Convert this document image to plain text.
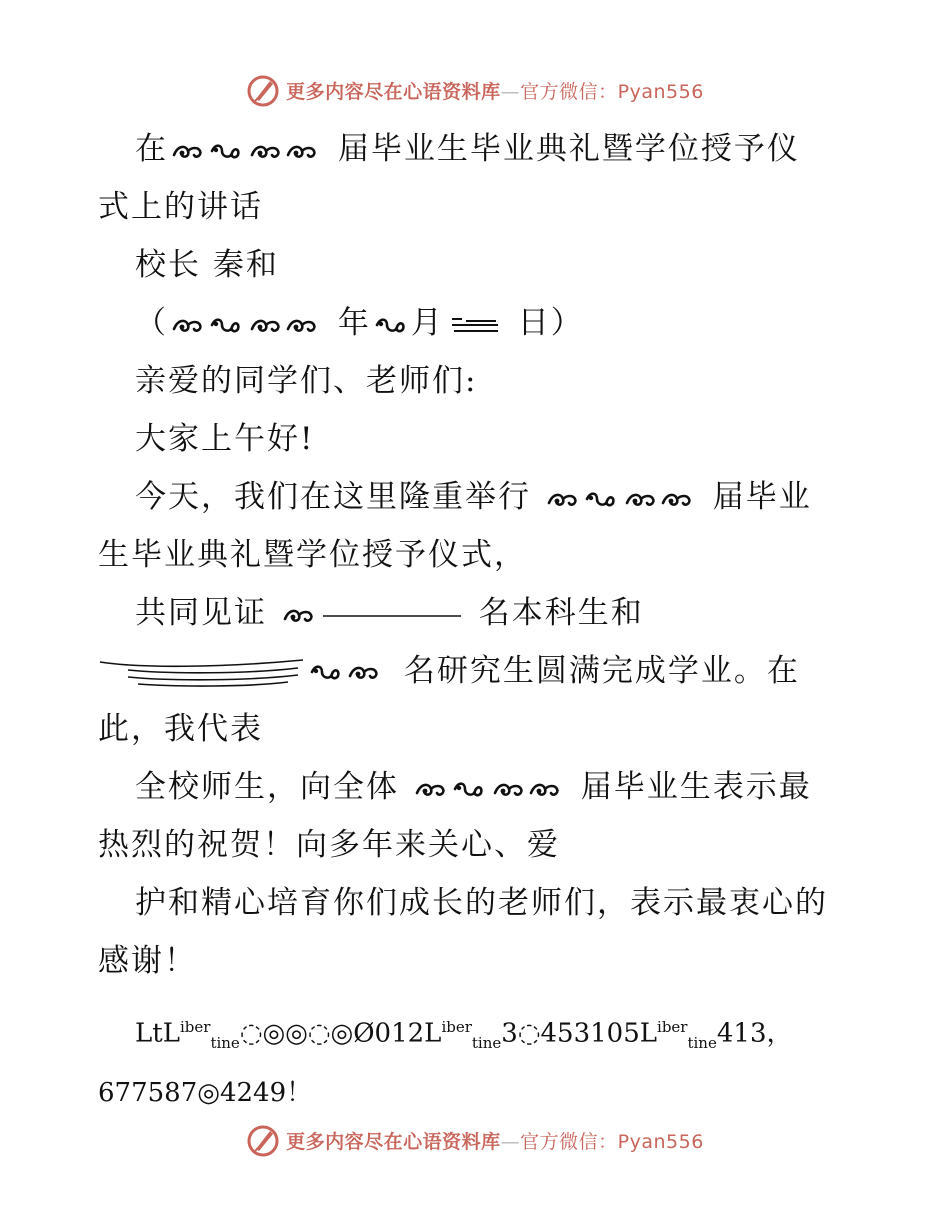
更多内容尽在心语资料库—官方微信：Pyan556
在	届毕业生毕业典礼暨学位授予仪
式上的讲话
校长 秦和
（	年 月 日）
亲爱的同学们、老师们:
大家上午好!
今天，我们在这里隆重举行	届毕业
生毕业典礼暨学位授予仪式，
共同见证	名本科生和
名研究生圆满完成学业。在
此，我代表
全校师生，向全体	届毕业生表示最
热烈的祝贺！向多年来关心、爱
护和精心培育你们成长的老师们，表示最衷心的
感谢！
$LtL^{iber}_{tine}◌◎◎◌◎Ø012L^{iber}_{tine}3◌453105L^{iber}_{tine}413$，
677587◎4249！
更多内容尽在心语资料库—官方微信：Pyan556
